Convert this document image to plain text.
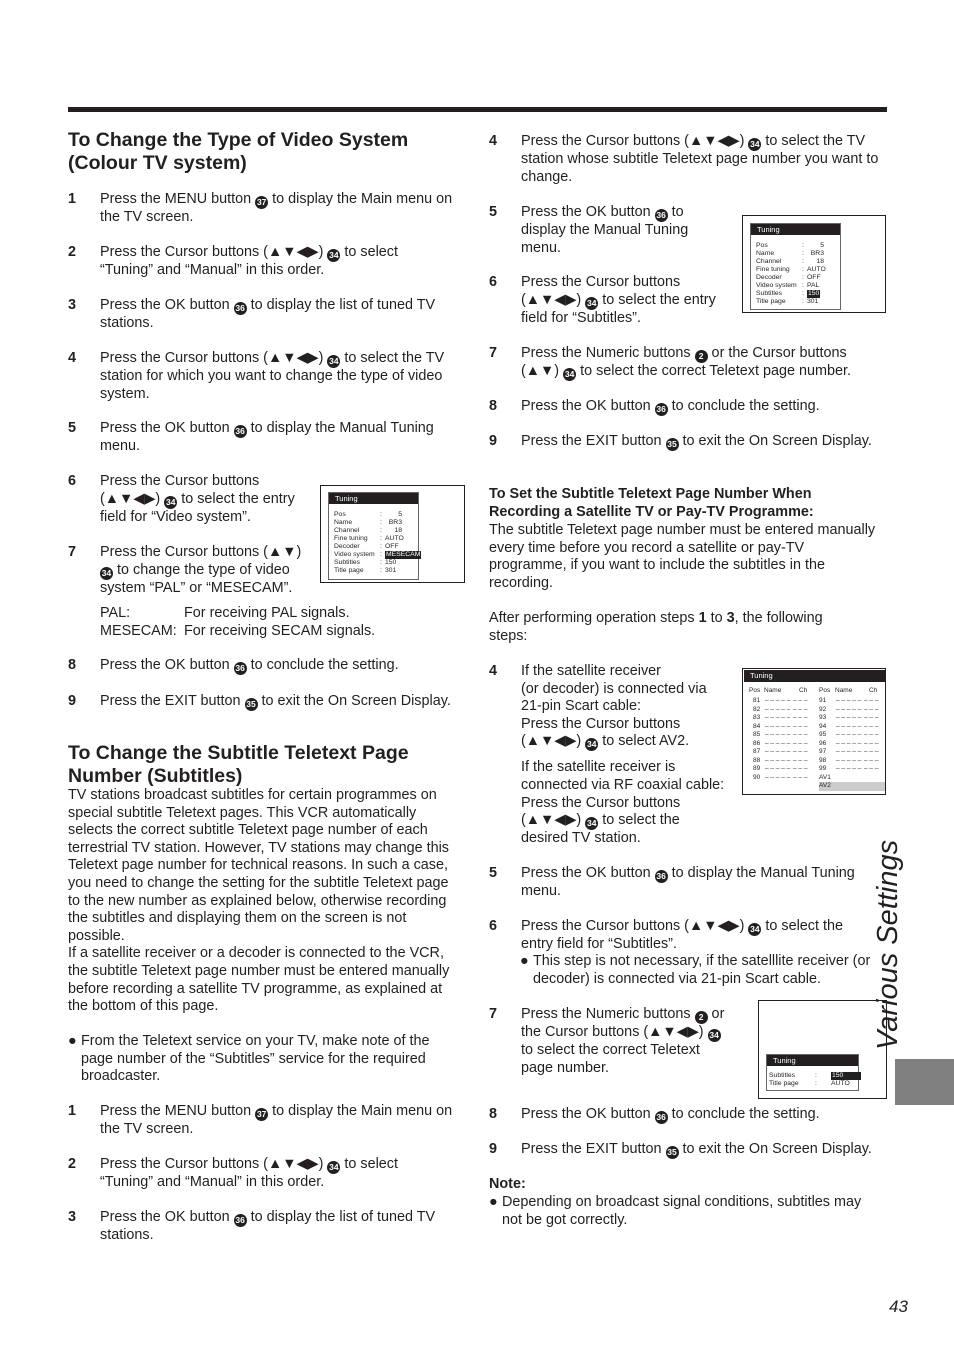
To Change the Type of Video System
(Colour TV system)
1 Press the MENU button 37 to display the Main menu on
the TV screen.
2 Press the Cursor buttons (▲▼◀▶) 34 to select
“Tuning” and “Manual” in this order.
3 Press the OK button 36 to display the list of tuned TV
stations.
4 Press the Cursor buttons (▲▼◀▶) 34 to select the TV
station for which you want to change the type of video
system.
5 Press the OK button 36 to display the Manual Tuning
menu.
6 Press the Cursor buttons
(▲▼◀▶) 34 to select the entry
field for “Video system”.
7 Press the Cursor buttons (▲▼)
34 to change the type of video
system “PAL” or “MESECAM”.
8 Press the OK button 36 to conclude the setting.
9 Press the EXIT button 35 to exit the On Screen Display.
PAL:	For receiving PAL signals.
MESECAM: For receiving SECAM signals.
Tuning
Pos	: 5
Name	: BR3
Channel	: 18
Fine tuning : AUTO
Decoder	: OFF
Video system : MESECAM
Subtitles	: 150
Title page : 301
To Change the Subtitle Teletext Page
Number (Subtitles)
TV stations broadcast subtitles for certain programmes on
special subtitle Teletext pages. This VCR automatically
selects the correct subtitle Teletext page number of each
terrestrial TV station. However, TV stations may change this
Teletext page number for technical reasons. In such a case,
you need to change the setting for the subtitle Teletext page
to the new number as explained below, otherwise recording
the subtitles and displaying them on the screen is not
possible.
If a satellite receiver or a decoder is connected to the VCR,
the subtitle Teletext page number must be entered manually
before recording a satellite TV programme, as explained at
the bottom of this page.
● From the Teletext service on your TV, make note of the
page number of the “Subtitles” service for the required
broadcaster.
1 Press the MENU button 37 to display the Main menu on
the TV screen.
2 Press the Cursor buttons (▲▼◀▶) 34 to select
“Tuning” and “Manual” in this order.
3 Press the OK button 36 to display the list of tuned TV
stations.
4 Press the Cursor buttons (▲▼◀▶) 34 to select the TV
station whose subtitle Teletext page number you want to
change.
5 Press the OK button 36 to
display the Manual Tuning
menu.
6 Press the Cursor buttons
(▲▼◀▶) 34 to select the entry
field for “Subtitles”.
7 Press the Numeric buttons 2 or the Cursor buttons
(▲▼) 34 to select the correct Teletext page number.
8 Press the OK button 36 to conclude the setting.
9 Press the EXIT button 35 to exit the On Screen Display.
Tuning
Pos	: 5
Name	: BR3
Channel	: 18
Fine tuning : AUTO
Decoder	: OFF
Video system : PAL
Subtitles	: 150
Title page : 301
To Set the Subtitle Teletext Page Number When
Recording a Satellite TV or Pay-TV Programme:
The subtitle Teletext page number must be entered manually
every time before you record a satellite or pay-TV
programme, if you want to include the subtitles in the
recording.
After performing operation steps 1 to 3, the following
steps:
4 If the satellite receiver
(or decoder) is connected via
21-pin Scart cable:
Press the Cursor buttons
(▲▼◀▶) 34 to select AV2.

If the satellite receiver is
connected via RF coaxial cable:
Press the Cursor buttons
(▲▼◀▶) 34 to select the
desired TV station.
Tuning
Pos Name	Ch Pos Name	Ch
81 _ _ _ _ _ _ _ _
82 _ _ _ _ _ _ _ _
83 _ _ _ _ _ _ _ _
84 _ _ _ _ _ _ _ _
85 _ _ _ _ _ _ _ _
86 _ _ _ _ _ _ _ _
87 _ _ _ _ _ _ _ _
88 _ _ _ _ _ _ _ _
89 _ _ _ _ _ _ _ _
90 _ _ _ _ _ _ _ _
91 _ _ _ _ _ _ _ _
92 _ _ _ _ _ _ _ _
93 _ _ _ _ _ _ _ _
94 _ _ _ _ _ _ _ _
95 _ _ _ _ _ _ _ _
96 _ _ _ _ _ _ _ _
97 _ _ _ _ _ _ _ _
98 _ _ _ _ _ _ _ _
99 _ _ _ _ _ _ _ _
AV1
AV2
5 Press the OK button 36 to display the Manual Tuning
menu.
6 Press the Cursor buttons (▲▼◀▶) 34 to select the
entry field for “Subtitles”.
7 Press the Numeric buttons 2 or
the Cursor buttons (▲▼◀▶) 34
to select the correct Teletext
page number.
8 Press the OK button 36 to conclude the setting.
9 Press the EXIT button 35 to exit the On Screen Display.
● This step is not necessary, if the satelllite receiver (or
decoder) is connected via 21-pin Scart cable.
Tuning
Subtitles	: 150
Title page : AUTO
Note:
● Depending on broadcast signal conditions, subtitles may
not be got correctly.
Various Settings
43
